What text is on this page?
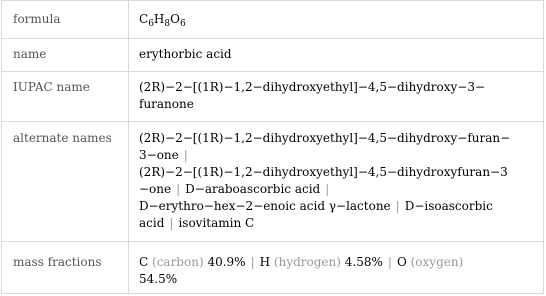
formula	$C_6H_8O_6$
name	erythorbic acid
IUPAC name	(2R)−2−[(1R)−1,2−dihydroxyethyl]−4,5−dihydroxy−3−
furanone
alternate names	(2R)−2−[(1R)−1,2−dihydroxyethyl]−4,5−dihydroxy−furan−
3−one |
(2R)−2−[(1R)−1,2−dihydroxyethyl]−4,5−dihydroxyfuran−3
−one | D−araboascorbic acid |
D−erythro−hex−2−enoic acid γ−lactone | D−isoascorbic
acid | isovitamin C
mass fractions	C (carbon) 40.9% | H (hydrogen) 4.58% | O (oxygen)
54.5%
